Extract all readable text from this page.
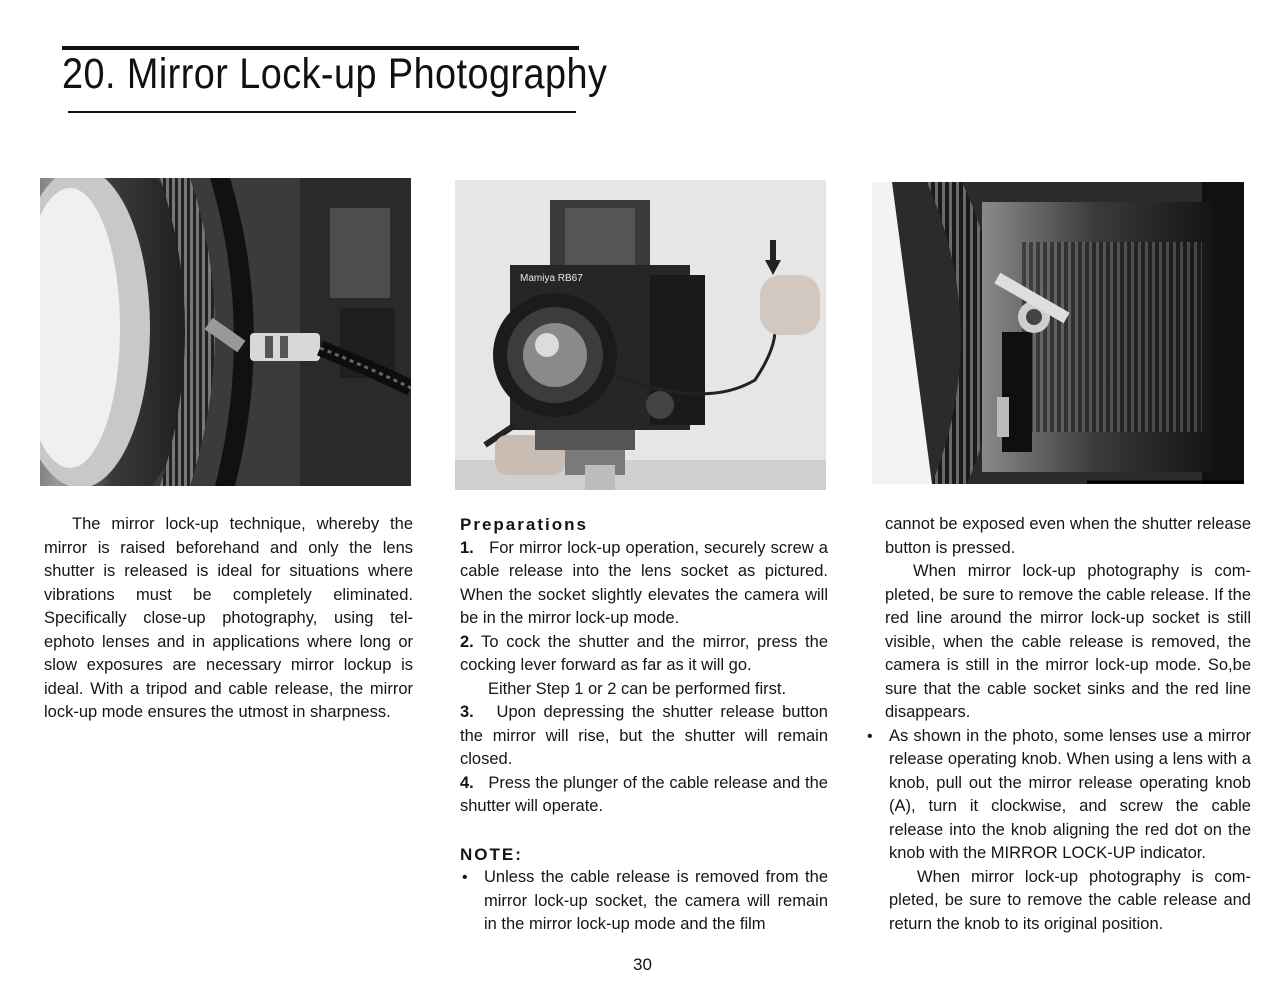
20. Mirror Lock-up Photography
Mamiya RB67

The mirror lock-up technique, whereby the mirror is raised beforehand and only the lens shutter is released is ideal for situations where vibrations must be completely eliminated. Specifically close-up photography, using tel-ephoto lenses and in applications where long or slow exposures are necessary mirror lockup is ideal. With a tripod and cable release, the mirror lock-up mode ensures the utmost in sharpness.

Preparations

1. For mirror lock-up operation, securely screw a cable release into the lens socket as pictured. When the socket slightly elevates the camera will be in the mirror lock-up mode.

2. To cock the shutter and the mirror, press the cocking lever forward as far as it will go.

Either Step 1 or 2 can be performed first.

3. Upon depressing the shutter release button the mirror will rise, but the shutter will remain closed.

4. Press the plunger of the cable release and the shutter will operate.

NOTE:

• Unless the cable release is removed from the mirror lock-up socket, the camera will remain in the mirror lock-up mode and the film

cannot be exposed even when the shutter release button is pressed.

When mirror lock-up photography is com-pleted, be sure to remove the cable release. If the red line around the mirror lock-up socket is still visible, when the cable release is removed, the camera is still in the mirror lock-up mode. So,be sure that the cable socket sinks and the red line disappears.

• As shown in the photo, some lenses use a mirror release operating knob. When using a lens with a knob, pull out the mirror release operating knob (A), turn it clockwise, and screw the cable release into the knob aligning the red dot on the knob with the MIRROR LOCK-UP indicator.

When mirror lock-up photography is com-pleted, be sure to remove the cable release and return the knob to its original position.

30
